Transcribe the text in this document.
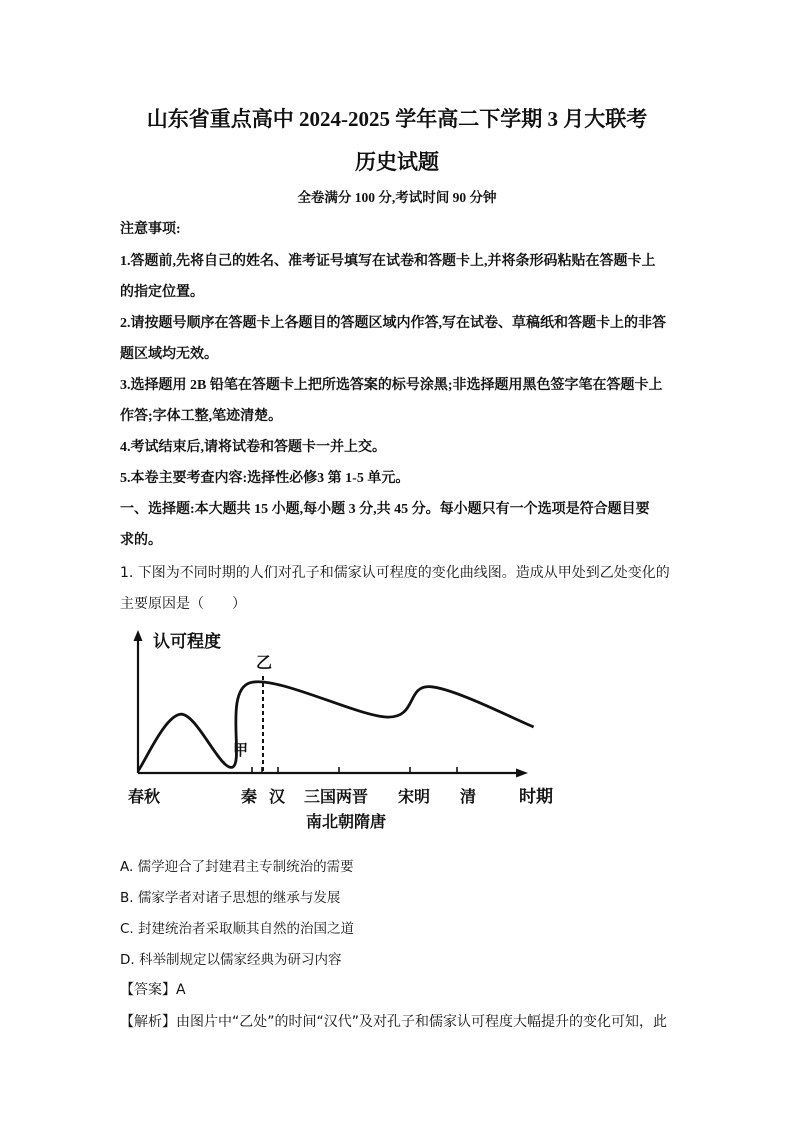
山东省重点高中 2024-2025 学年高二下学期 3 月大联考
历史试题
全卷满分 100 分,考试时间 90 分钟
注意事项:
1.答题前,先将自己的姓名、准考证号填写在试卷和答题卡上,并将条形码粘贴在答题卡上
的指定位置。
2.请按题号顺序在答题卡上各题目的答题区域内作答,写在试卷、草稿纸和答题卡上的非答
题区域均无效。
3.选择题用 2B 铅笔在答题卡上把所选答案的标号涂黑;非选择题用黑色签字笔在答题卡上
作答;字体工整,笔迹清楚。
4.考试结束后,请将试卷和答题卡一并上交。
5.本卷主要考查内容:选择性必修3 第 1-5 单元。
一、选择题:本大题共 15 小题,每小题 3 分,共 45 分。每小题只有一个选项是符合题目要
求的。
1. 下图为不同时期的人们对孔子和儒家认可程度的变化曲线图。造成从甲处到乙处变化的
主要原因是（　　）
认可程度
乙
甲
春秋	秦 汉 三国两晋 宋明 清	时期
南北朝隋唐
A. 儒学迎合了封建君主专制统治的需要
B. 儒家学者对诸子思想的继承与发展
C. 封建统治者采取顺其自然的治国之道
D. 科举制规定以儒家经典为研习内容
【答案】A
【解析】由图片中“乙处”的时间“汉代”及对孔子和儒家认可程度大幅提升的变化可知，此
